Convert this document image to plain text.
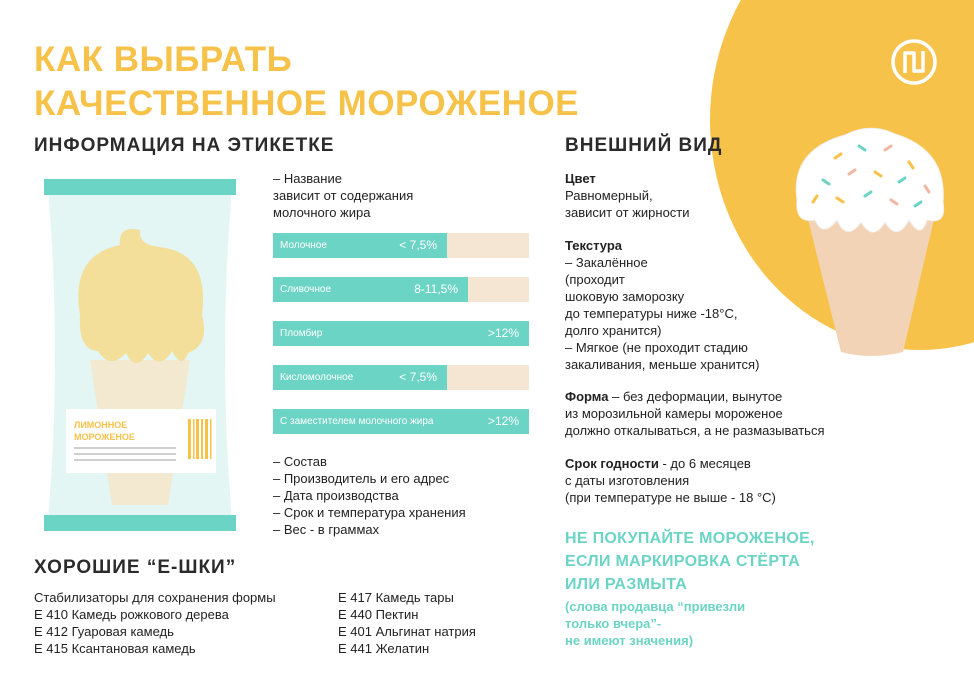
КАК ВЫБРАТЬ
КАЧЕСТВЕННОЕ МОРОЖЕНОЕ
ИНФОРМАЦИЯ НА ЭТИКЕТКЕ
ЛИМОННОЕ
МОРОЖЕНОЕ
– Название
зависит от содержания
молочного жира
Молочное	< 7,5%
Сливочное	8-11,5%
Пломбир	>12%
Кисломолочное	< 7,5%
С заместителем молочного жира	>12%
– Состав
– Производитель и его адрес
– Дата производства
– Срок и температура хранения
– Вес - в граммах
ХОРОШИЕ “Е-ШКИ”
Стабилизаторы для сохранения формы
Е 410 Камедь рожкового дерева
Е 412 Гуаровая камедь
Е 415 Ксантановая камедь
Е 417 Камедь тары
Е 440 Пектин
Е 401 Альгинат натрия
Е 441 Желатин
ВНЕШНИЙ ВИД
Цвет
Равномерный,
зависит от жирности
Текстура
– Закалённое
(проходит
шоковую заморозку
до температуры ниже -18°С,
долго хранится)
– Мягкое (не проходит стадию
закаливания, меньше хранится)
Форма – без деформации, вынутое
из морозильной камеры мороженое
должно откалываться, а не размазываться
Срок годности - до 6 месяцев
с даты изготовления
(при температуре не выше - 18 °С)
НЕ ПОКУПАЙТЕ МОРОЖЕНОЕ,
ЕСЛИ МАРКИРОВКА СТЁРТА
ИЛИ РАЗМЫТА
(слова продавца “привезли
только вчера”-
не имеют значения)
